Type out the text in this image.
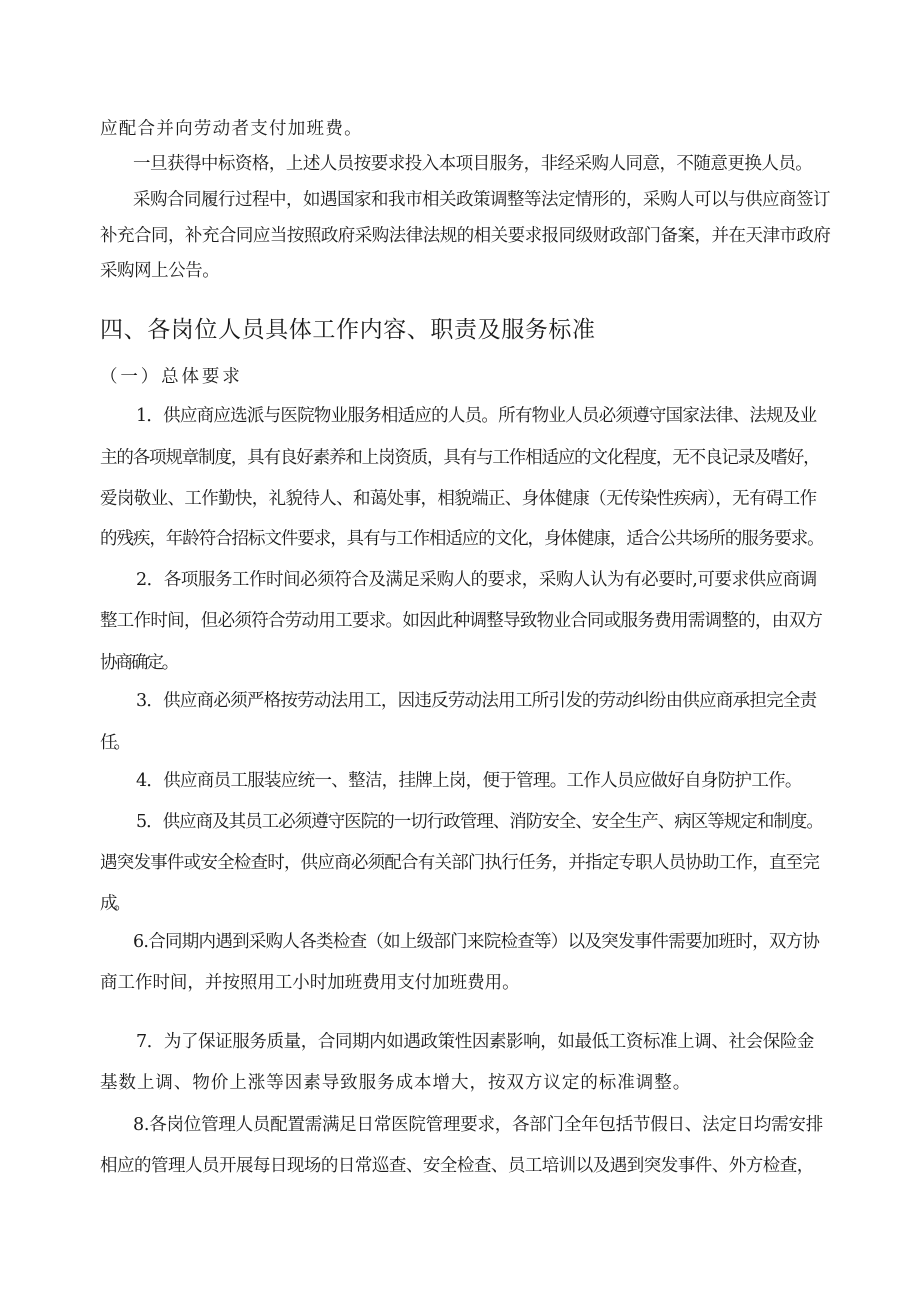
应配合并向劳动者支付加班费。
一旦获得中标资格，上述人员按要求投入本项目服务，非经采购人同意，不随意更换人员。
采购合同履行过程中，如遇国家和我市相关政策调整等法定情形的，采购人可以与供应商签订
补充合同，补充合同应当按照政府采购法律法规的相关要求报同级财政部门备案，并在天津市政府
采购网上公告。
四、各岗位人员具体工作内容、职责及服务标准
（一）总体要求
1．供应商应选派与医院物业服务相适应的人员。所有物业人员必须遵守国家法律、法规及业
主的各项规章制度，具有良好素养和上岗资质，具有与工作相适应的文化程度，无不良记录及嗜好，
爱岗敬业、工作勤快，礼貌待人、和蔼处事，相貌端正、身体健康（无传染性疾病），无有碍工作
的残疾，年龄符合招标文件要求，具有与工作相适应的文化，身体健康，适合公共场所的服务要求。
2．各项服务工作时间必须符合及满足采购人的要求，采购人认为有必要时,可要求供应商调
整工作时间，但必须符合劳动用工要求。如因此种调整导致物业合同或服务费用需调整的，由双方
协商确定。
3．供应商必须严格按劳动法用工，因违反劳动法用工所引发的劳动纠纷由供应商承担完全责
任。
4．供应商员工服装应统一、整洁，挂牌上岗，便于管理。工作人员应做好自身防护工作。
5．供应商及其员工必须遵守医院的一切行政管理、消防安全、安全生产、病区等规定和制度。
遇突发事件或安全检查时，供应商必须配合有关部门执行任务，并指定专职人员协助工作，直至完
成。
6.合同期内遇到采购人各类检查（如上级部门来院检查等）以及突发事件需要加班时，双方协
商工作时间，并按照用工小时加班费用支付加班费用。
7．为了保证服务质量，合同期内如遇政策性因素影响，如最低工资标准上调、社会保险金
基数上调、物价上涨等因素导致服务成本增大，按双方议定的标准调整。
8.各岗位管理人员配置需满足日常医院管理要求，各部门全年包括节假日、法定日均需安排
相应的管理人员开展每日现场的日常巡查、安全检查、员工培训以及遇到突发事件、外方检查，
